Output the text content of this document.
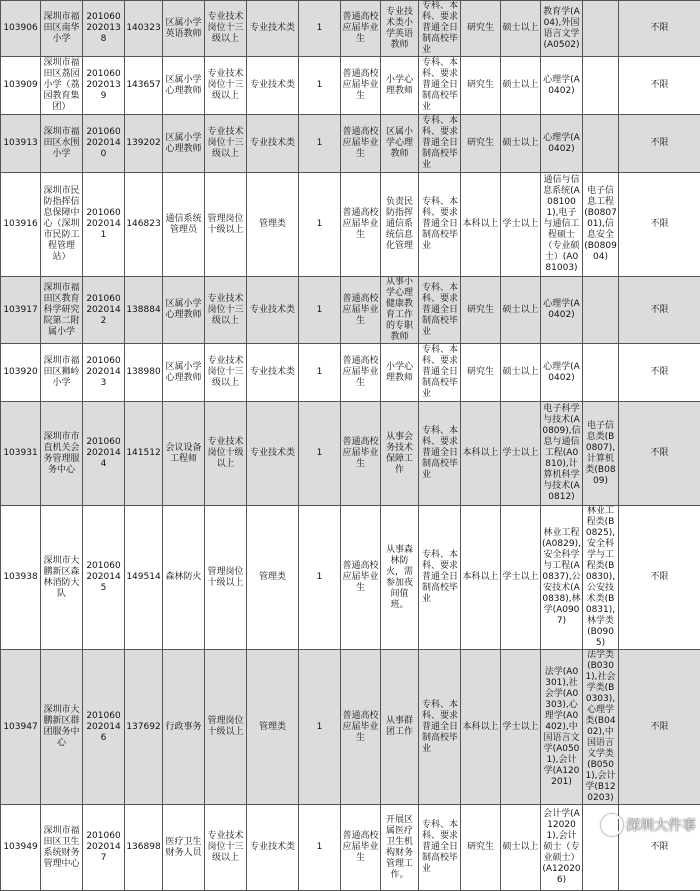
103906	深圳市福田区南华小学	2010602020138	140323	区属小学英语教师	专业技术岗位十三级以上	专业技术类	1	普通高校应届毕业生	专业技术类小学英语教师	专科、本科、要求普通全日制高校毕业	研究生	硕士以上	教育学(A04),外国语言文学(A0502)		不限
103909	深圳市福田区荔园小学（荔园教育集团）	2010602020139	143657	区属小学心理教师	专业技术岗位十三级以上	专业技术类	1	普通高校应届毕业生	小学心理教师	专科、本科、要求普通全日制高校毕业	研究生	硕士以上	心理学(A0402)		不限
103913	深圳市福田区水围小学	2010602020140	139202	区属小学心理教师	专业技术岗位十三级以上	专业技术类	1	普通高校应届毕业生	区属小学心理教师	专科、本科、要求普通全日制高校毕业	研究生	硕士以上	心理学(A0402)		不限
103916	深圳市民防指挥信息保障中心（深圳市民防工程管理站）	2010602020141	146823	通信系统管理员	管理岗位十级以上	管理类	1	普通高校应届毕业生	负责民防指挥通信系统信息化管理	专科、本科、要求普通全日制高校毕业	本科以上	学士以上	通信与信息系统(A081001),电子与通信工程硕士（专业硕士）(A081003)	电子信息工程(B080701),信息安全(B080904)	不限
103917	深圳市福田区教育科学研究院第二附属小学	2010602020142	138884	区属小学心理教师	专业技术岗位十三级以上	专业技术类	1	普通高校应届毕业生	从事小学心理健康教育工作的专职教师	专科、本科、要求普通全日制高校毕业	研究生	硕士以上	心理学(A0402)		不限
103920	深圳市福田区狮岭小学	2010602020143	138980	区属小学心理教师	专业技术岗位十三级以上	专业技术类	1	普通高校应届毕业生	小学心理教师	专科、本科、要求普通全日制高校毕业	研究生	硕士以上	心理学(A0402)		不限
103931	深圳市市直机关会务管理服务中心	2010602020144	141512	会议设备工程师	专业技术岗位十级以上	专业技术类	1	普通高校应届毕业生	从事会务技术保障工作	专科、本科、要求普通全日制高校毕业	本科以上	学士以上	电子科学与技术(A0809),信息与通信工程(A0810),计算机科学与技术(A0812)	电子信息类(B0807),计算机类(B0809)	不限
103938	深圳市大鹏新区森林消防大队	2010602020145	149514	森林防火	管理岗位十级以上	管理类	1	普通高校应届毕业生	从事森林防火，需参加夜间值班。	专科、本科、要求普通全日制高校毕业	本科以上	学士以上	林业工程(A0829),安全科学与工程(A0837),公安技术(A0838),林学(A0907)	林业工程类(B0825),安全科学与工程类(B0830),公安技术类(B0831),林学类(B0905)	不限
103947	深圳市大鹏新区群团服务中心	2010602020146	137692	行政事务	管理岗位十级以上	管理类	1	普通高校应届毕业生	从事群团工作	专科、本科、要求普通全日制高校毕业	本科以上	学士以上	法学(A0301),社会学(A0303),心理学(A0402),中国语言文学(A0501),会计学(A120201)	法学类(B0301),社会学类(B0303),心理学类(B0402),中国语言文学类(B0501),会计学(B120203)	不限
103949	深圳市福田区卫生系统财务管理中心	2010602020147	136898	医疗卫生财务人员	专业技术岗位十三级以上	专业技术类	1	普通高校应届毕业生	开展区属医疗卫生机构财务管理工作。	专科、本科、要求普通全日制高校毕业	研究生	硕士以上	会计学(A120201),会计硕士（专业硕士）(A120206)		不限
深圳大件事
